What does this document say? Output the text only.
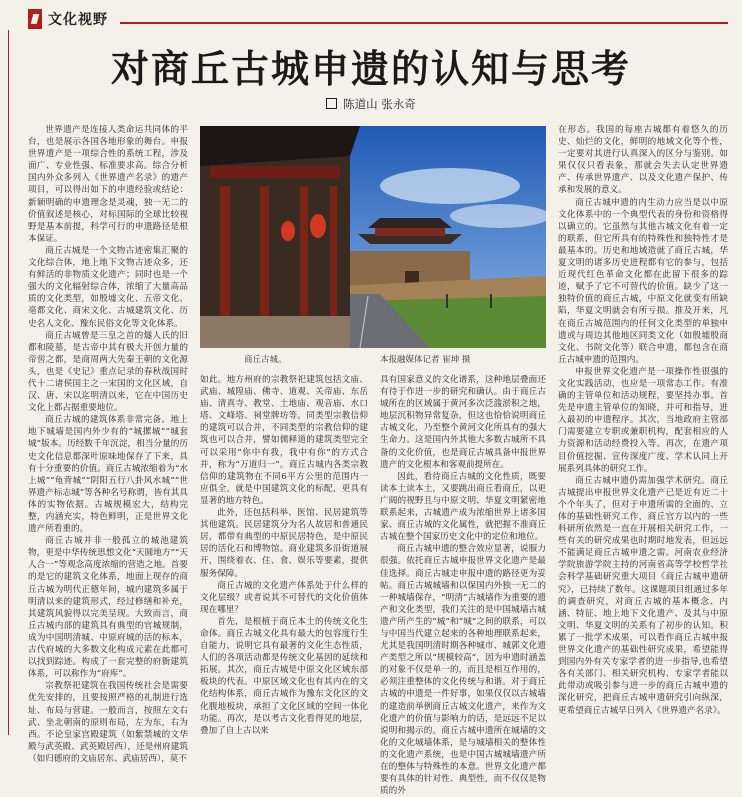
文化视野
对商丘古城申遗的认知与思考
陈道山 张永奇

世界遗产是连接人类命运共同体的平台，也是展示各国各地形象的舞台。申报世界遗产是一项综合性的系统工程，涉及面广、专业性强、标准要求高。综合分析国内外众多列入《世界遗产名录》的遗产项目，可以得出如下的申遗经验或结论：新颖明确的申遗理念是灵魂，独一无二的价值叙述是核心，对标国际的全球比较视野是基本前提，科学可行的申遗路径是根本保证。

商丘古城是一个文物古迹密集汇聚的文化综合体，地上地下文物古迹众多，还有鲜活的非物质文化遗产；同时也是一个强大的文化辐射综合体，浓缩了大量高品质的文化类型，如殷墟文化、五帝文化、亳都文化、商宋文化、古城建筑文化、历史名人文化、豫东民俗文化等文化体系。

商丘古城曾是三皇之首的燧人氏的旧都和陵墓，是古帝中其有极大开创力量的帝喾之都，是商周两大先秦王朝的文化源头，也是《史记》重点记录的春秋战国时代十二诸侯国主之一宋国的文化区域，自汉、唐、宋以迄明清以来，它在中国历史文化上都占据重要地位。

商丘古城的建筑体系非常完备。地上地下城墙是国内外少有的“城摞城”“城套城”版本。历经数千年沉淀，相当分量的历史文化信息都深叶原味地保存了下来，具有十分重要的价值。商丘古城浓缩着为“水上城”“龟背城”“阴阳五行八卦风水城”“世界遗产标志城”等各种名号称谓，皆有其具体的实物依据。古城规模宏大，结构完整，内涵充实，特色鲜明，正是世界文化遗产所看重的。

商丘古城并非一般孤立的城池建筑物，更是中华传统思想文化“天圆地方”“天人合一”等观念高度浓缩的营造之地。首要的是它的建筑文化体系，地面上现存的商丘古城为明代正德年间，城内建筑多属于明清以来的建筑形式，经过修缮和补充，其建筑风貌得以完美呈现。大致而言，商丘古城内部的建筑具有典型的官城规制，成为中国明清城、中原府城的活的标本，古代府城的大多数文化构成元素在此都可以找到踪迹。构成了一套完整的府衙建筑体系，可以称作为“府库”。

宗教祭祀建筑在我国传统社会是需要优先安排的，且要按照严格的礼制进行选址、布局与营建。一般而言，按照左文右武、坐北朝南的原则布局，左为东，右为西。不论皇家宫殿建筑（如紫禁城的文华殿与武英殿、武英殿居西），还是州府建筑（如归德府的文庙居东、武庙居西），莫不

商丘古城。	本报融媒体记者 崔坤 摄

如此。地方州府的宗教祭祀建筑包括文庙、武庙、城隍庙、佛寺、道观、关帝庙、东岳庙、清真寺、教堂、土地庙、观音庙、水口塔、文峰塔、祠堂牌坊等。同类型宗教信仰的建筑可以合并，不同类型的宗教信仰的建筑也可以合并，譬如儒释道的建筑类型完全可以采用“你中有我，我中有你”的方式合并，称为“万道归一”。商丘古城内各类宗教信仰的建筑物在不同6平方公里的范围内一应俱全，就是中国建筑文化的标配，更具有显著的地方特色。

此外，还包括科举、医馆、民居建筑等其他建筑。民居建筑分为名人故居和普通民居，都带有典型的中原民居特色，是中原民居的活化石和博物馆。商业建筑多沿街道展开，围绕着衣、住、食、娱乐等要素，提供服务保障。

商丘古城的文化遗产体系处于什么样的文化层级？或者说其不可替代的文化价值体现在哪里？

首先，是根植于商丘本土的传统文化生命体。商丘古城文化具有最大的包容度行生自能力，说明它具有最著的文化生态性质，人们的各项活动都是传统文化基因的延续和拓展。其次，商丘古城是中原文化区域东部板块的代表。中原区域文化也有其内在的文化结构体系，商丘古城作为豫东文化区的文化腹地板块，承担了文化区域的空间一体化功能。再次，是以考古文化看得见的地层，叠加了自上古以来

具有国家意义的文化谱系，这种地层叠面还有待于作进一步的研究和确认。由于商丘古城所在的区域属于黄河多次泛滥淤积之地，地层沉积物异常复杂，但这也恰恰说明商丘古城文化，乃至整个黄河文化所具有的强大生命力。这是国内外其他大多数古城所不具备的文化价值，也是商丘古城具备申报世界遗产的文化根本和客观前提所在。

因此，看待商丘古城的文化性质，既要读本土读本土，又要跳出商丘看商丘，以更广阔的视野且与中原文明、华夏文明紧密地联系起来，古城遗产成为浓缩世界上诸多国家、商丘古城的文化属性，就把握不准商丘古城在整个国家历史文化中的定位和地位。

商丘古城申遗的整合效应显著，说服力很强。依托商丘古城申报世界文化遗产是最佳选择。商丘古城走申报申遗的路径更为妥帖。商丘古城城墙和以保国内外独一无二的一种城墙保存，“明清”古城墙作为重要的遗产和文化类型，我们关注的是中国城墙古城遗产所产生的“城”和“城”之间的联系，可以与中国当代建立起来的各种地理联系起来，尤其是我国明清时期各种城市、城郭文化遗产类型之所以“规模较高”，因为申遗时涵盖的对象不仅是单一的，而且是相互作用的，必须注重整体的文化传统与和谐。对于商丘古城的申遗是一件好事，如果仅仅以古城墙的建造前举例商丘古城文化遗产，来作为文化遗产的价值与影响力的话，是远远不足以说明和揭示的。商丘古城申遗所在城墙的文化的文化城墙体系，是与城墙相关的整体性的文化遗产系统，也是中国古城城墙遗产所在的整体与特殊性的本意。世界文化遗产都要有具体的针对性、典型性，而不仅仅是物质的外

在形态。我国的每座古城都有着悠久的历史、灿烂的文化，鲜明的地域文化等个性，一定要对其进行认真深入的区分与鉴别。如果仅仅只看表象，那就会失去认定世界遗产、传承世界遗产、以及文化遗产保护、传承和发展的意义。

商丘古城申遗的内生动力应当是以中原文化体系中的一个典型代表的身份和资格得以确立的。它虽然与其他古城文化有着一定的联系，但它所具有的特殊性和独特性才是最基本的。历史和地域造就了商丘古城，华夏文明的诸多历史进程都有它的参与，包括近现代红色革命文化都在此留下很多的踪迹，赋予了它不可替代的价值。缺少了这一独特价值的商丘古城，中原文化就变有所缺陷，华夏文明就会有所亏损。推及开来，凡在商丘古城范围内的任何文化类型的单独申遗或与周边其他地区同类文化（如殷墟殷商文化、书院文化等）联合申遗，都包含在商丘古城申遗的范围内。

申报世界文化遗产是一项操作性很强的文化实践活动，也应是一项常态工作。有准确的主管单位和活动规程，要坚持办事。首先是申遗主管单位的知晓，并可和指导，进入最初的申遗程序。其次，当地政府主管部门需要建立专职或兼职机构，配套相应的人力资源和活动经费投入等。再次，在遗产项目价值挖掘、宣传深度广度、学术认同上开展系列具体的研究工作。

商丘古城申遗仍需加强学术研究。商丘古城提出申报世界文化遗产已是近有近二十个个年头了，但对于申遗所需的全面的、立体的基础性研究工作，商丘官方以内的一些科研所依然是一直在开展相关研究工作，一些有关的研究成果也时期时地发表，但远远不能满足商丘古城申遗之需。河南农业经济学院旅游学院主持的河南省高等学校哲学社会科学基础研究重大项目《商丘古城申遗研究》，已持续了数年。这课题项目组通过多年的调查研究，对商丘古城的基本概念、内涵、特征、地上地下文化遗产、及其与中原文明、华夏文明的关系有了初步的认知。积累了一批学术成果，可以看作商丘古城申报世界文化遗产的基础性研究成果，希望能得到国内外有关专家学者的进一步指导,也希望各有关部门、相关研究机构、专家学者能以此带动或吸引参与进一步的商丘古城申遗的深化研究，把商丘古城申遗研究引向纵深，更希望商丘古城早日列入《世界遗产名录》。
